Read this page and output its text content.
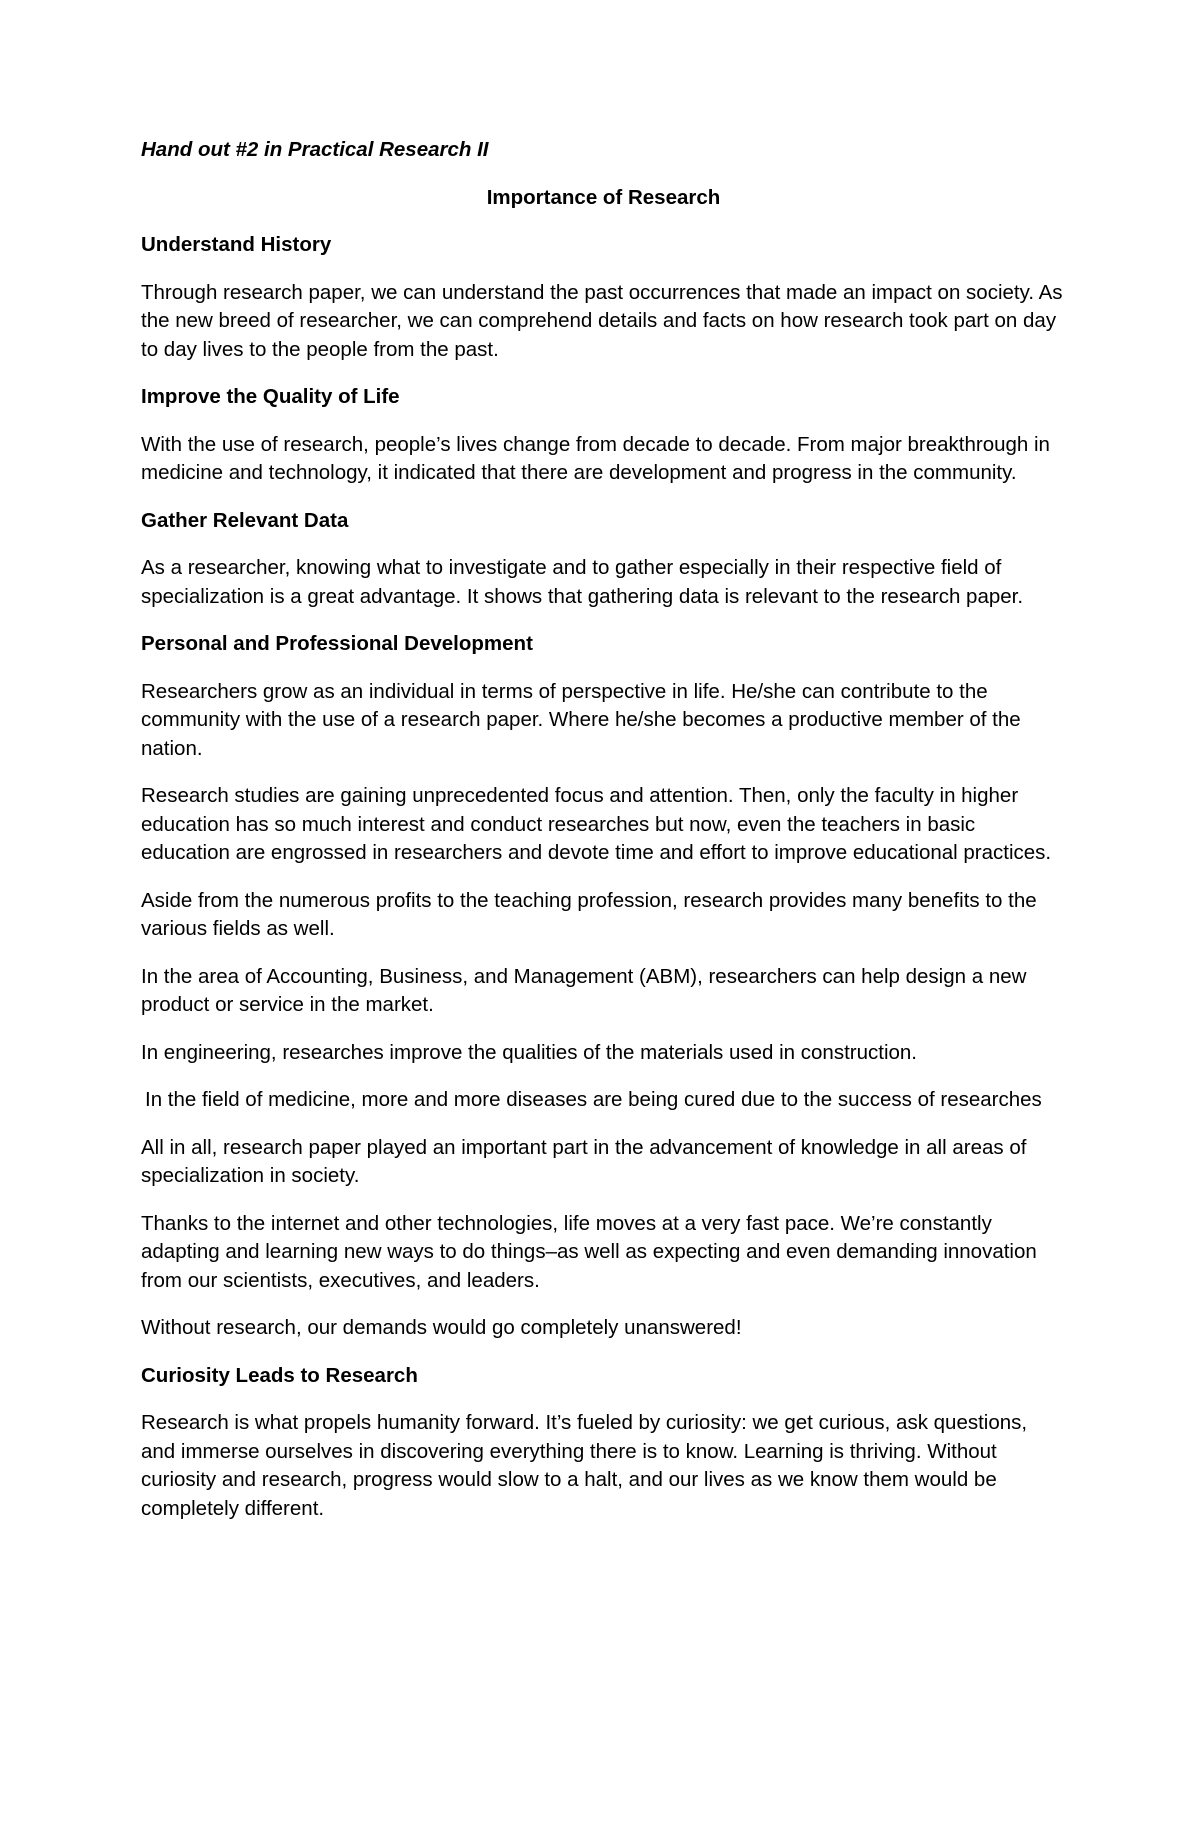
Hand out #2 in Practical Research II

Importance of Research

Understand History

Through research paper, we can understand the past occurrences that made an impact on society. As the new breed of researcher, we can comprehend details and facts on how research took part on day to day lives to the people from the past.

Improve the Quality of Life

With the use of research, people’s lives change from decade to decade. From major breakthrough in medicine and technology, it indicated that there are development and progress in the community.

Gather Relevant Data

As a researcher, knowing what to investigate and to gather especially in their respective field of specialization is a great advantage. It shows that gathering data is relevant to the research paper.

Personal and Professional Development

Researchers grow as an individual in terms of perspective in life. He/she can contribute to the community with the use of a research paper. Where he/she becomes a productive member of the nation.

Research studies are gaining unprecedented focus and attention. Then, only the faculty in higher education has so much interest and conduct researches but now, even the teachers in basic education are engrossed in researchers and devote time and effort to improve educational practices.

Aside from the numerous profits to the teaching profession, research provides many benefits to the various fields as well.

In the area of Accounting, Business, and Management (ABM), researchers can help design a new product or service in the market.

In engineering, researches improve the qualities of the materials used in construction.

In the field of medicine, more and more diseases are being cured due to the success of researches

All in all, research paper played an important part in the advancement of knowledge in all areas of specialization in society.

Thanks to the internet and other technologies, life moves at a very fast pace. We’re constantly adapting and learning new ways to do things–as well as expecting and even demanding innovation from our scientists, executives, and leaders.

Without research, our demands would go completely unanswered!

Curiosity Leads to Research

Research is what propels humanity forward. It’s fueled by curiosity: we get curious, ask questions, and immerse ourselves in discovering everything there is to know. Learning is thriving. Without curiosity and research, progress would slow to a halt, and our lives as we know them would be completely different.
